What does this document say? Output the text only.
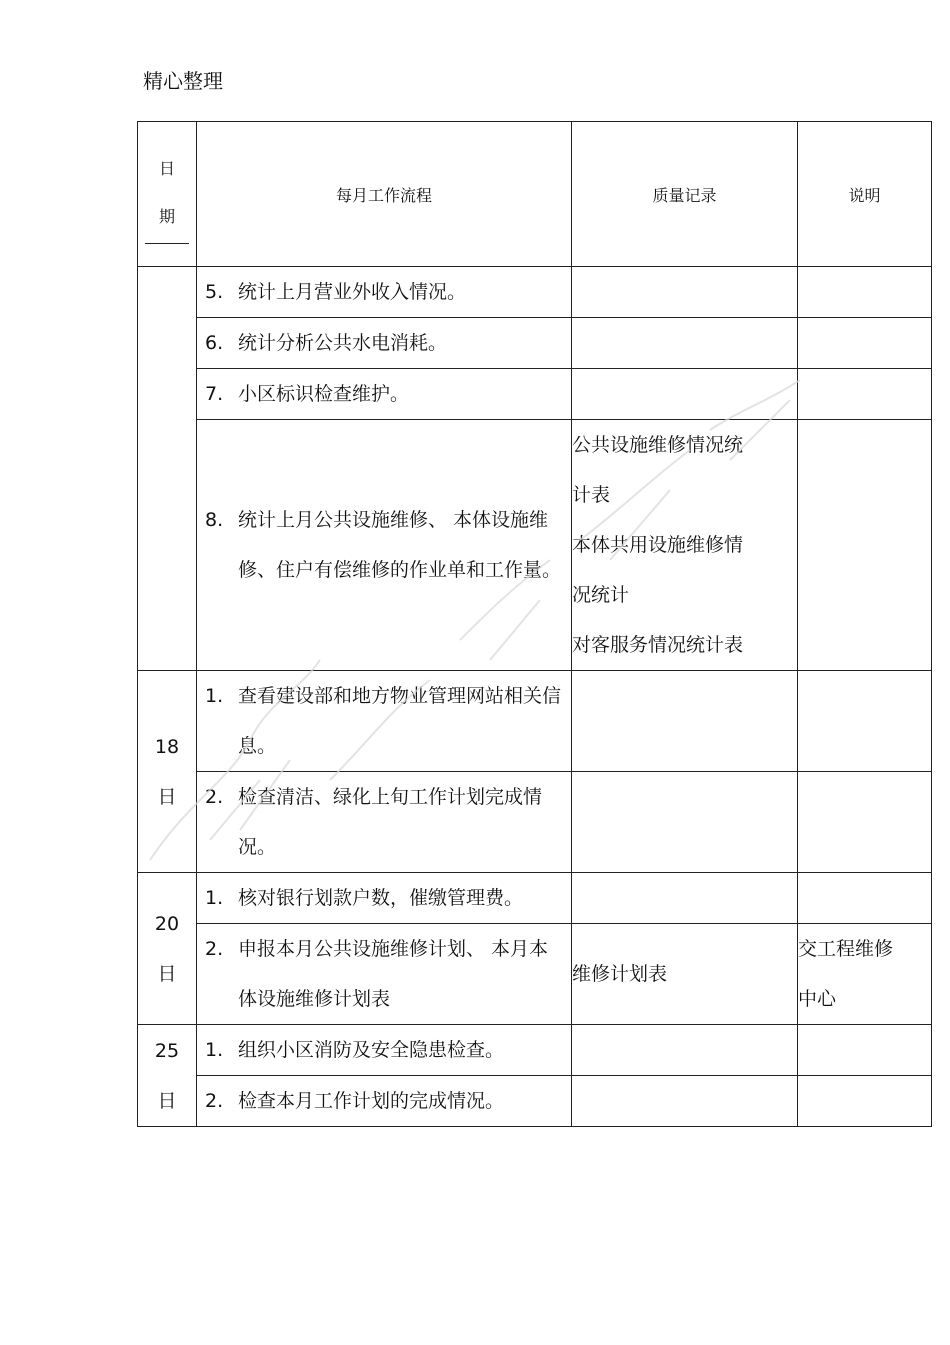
精心整理
日
期	每月工作流程	质量记录	说明

	5. 统计上月营业外收入情况。		

	6. 统计分析公共水电消耗。		

	7. 小区标识检查维护。		

	8. 统计上月公共设施维修、 本体设施维修、住户有偿维修的作业单和工作量。	公共设施维修情况统
计表
本体共用设施维修情
况统计
对客服务情况统计表	

18
日	1. 查看建设部和地方物业管理网站相关信息。		

	2. 检查清洁、绿化上旬工作计划完成情况。		

20
日	1. 核对银行划款户数，催缴管理费。		

	2. 申报本月公共设施维修计划、 本月本体设施维修计划表	维修计划表	交工程维修
中心

25
日	1. 组织小区消防及安全隐患检查。		

	2. 检查本月工作计划的完成情况。		
